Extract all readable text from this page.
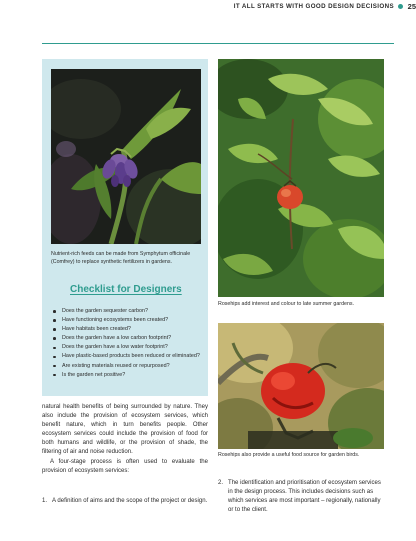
IT ALL STARTS WITH GOOD DESIGN DECISIONS 25
Nutrient-rich feeds can be made from Symphytum officinale (Comfrey) to replace synthetic fertilizers in gardens.
Checklist for Designers
Does the garden sequester carbon?
Have functioning ecosystems been created?
Have habitats been created?
Does the garden have a low carbon footprint?
Does the garden have a low water footprint?
Have plastic-based products been reduced or eliminated?
Are existing materials reused or repurposed?
Is the garden net positive?
Rosehips add interest and colour to late summer gardens.
Rosehips also provide a useful food source for garden birds.
natural health benefits of being surrounded by nature. They also include the provision of ecosystem services, which benefit nature, which in turn benefits people. Other ecosystem services could include the provision of food for both humans and wildlife, or the provision of shade, the filtering of air and noise reduction.
A four-stage process is often used to evaluate the provision of ecosystem services:
1. A definition of aims and the scope of the project or design.
2. The identification and prioritisation of ecosystem services in the design process. This includes decisions such as which services are most important – regionally, nationally or to the client.
